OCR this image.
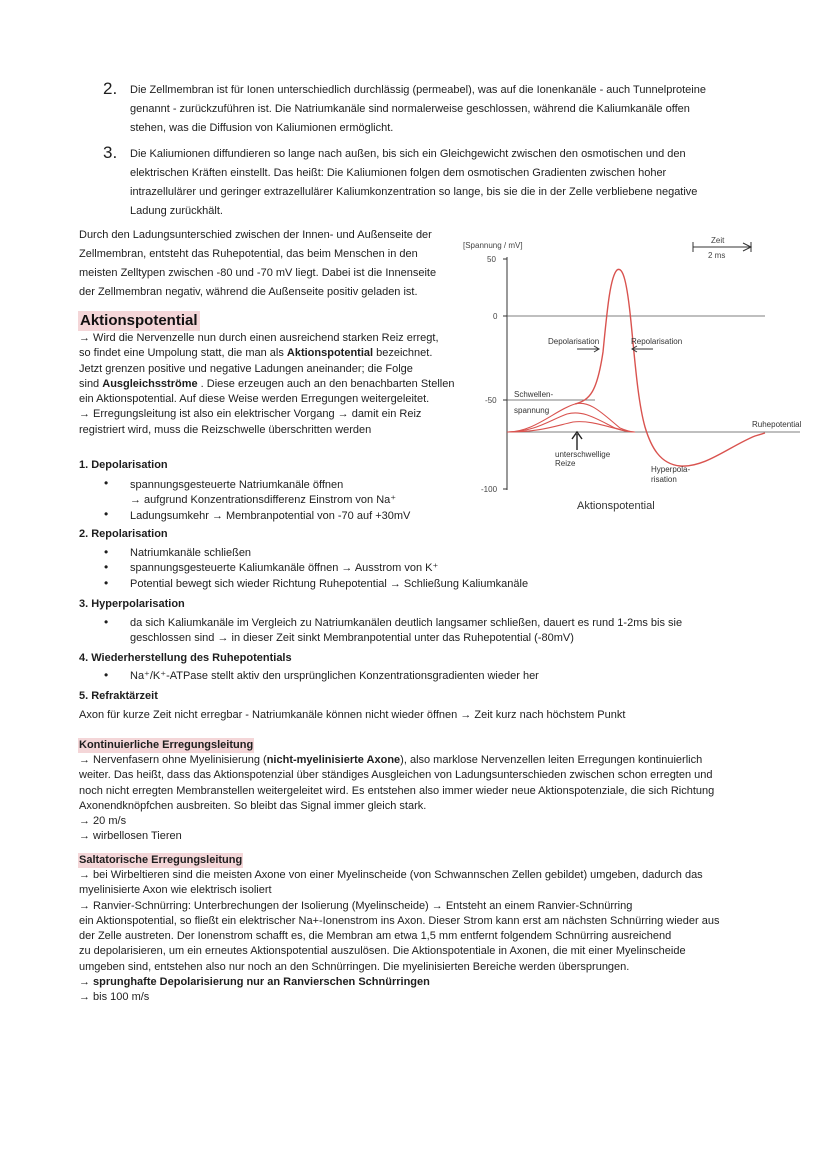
2. Die Zellmembran ist für Ionen unterschiedlich durchlässig (permeabel), was auf die Ionenkanäle - auch Tunnelproteine
genannt - zurückzuführen ist. Die Natriumkanäle sind normalerweise geschlossen, während die Kaliumkanäle offen
stehen, was die Diffusion von Kaliumionen ermöglicht.
3. Die Kaliumionen diffundieren so lange nach außen, bis sich ein Gleichgewicht zwischen den osmotischen und den
elektrischen Kräften einstellt. Das heißt: Die Kaliumionen folgen dem osmotischen Gradienten zwischen hoher
intrazellulärer und geringer extrazellulärer Kaliumkonzentration so lange, bis sie die in der Zelle verbliebene negative
Ladung zurückhält.
Durch den Ladungsunterschied zwischen der Innen- und Außenseite der
Zellmembran, entsteht das Ruhepotential, das beim Menschen in den
meisten Zelltypen zwischen -80 und -70 mV liegt. Dabei ist die Innenseite
der Zellmembran negativ, während die Außenseite positiv geladen ist.
Aktionspotential
→ Wird die Nervenzelle nun durch einen ausreichend starken Reiz erregt,
so findet eine Umpolung statt, die man als Aktionspotential bezeichnet.
Jetzt grenzen positive und negative Ladungen aneinander; die Folge
sind Ausgleichsströme . Diese erzeugen auch an den benachbarten Stellen
ein Aktionspotential. Auf diese Weise werden Erregungen weitergeleitet.
→ Erregungsleitung ist also ein elektrischer Vorgang → damit ein Reiz
registriert wird, muss die Reizschwelle überschritten werden
[Spannung / mV]
50
0
-50
-100
Zeit
2 ms
Depolarisation	Repolarisation
Schwellen-
spannung
Ruhepotential
unterschwellige
Reize
Hyperpola-
risation
Aktionspotential
1. Depolarisation
• spannungsgesteuerte Natriumkanäle öffnen
→ aufgrund Konzentrationsdifferenz Einstrom von Na⁺
• Ladungsumkehr → Membranpotential von -70 auf +30mV
2. Repolarisation
• Natriumkanäle schließen
• spannungsgesteuerte Kaliumkanäle öffnen → Ausstrom von K⁺
• Potential bewegt sich wieder Richtung Ruhepotential → Schließung Kaliumkanäle
3. Hyperpolarisation
• da sich Kaliumkanäle im Vergleich zu Natriumkanälen deutlich langsamer schließen, dauert es rund 1-2ms bis sie
geschlossen sind → in dieser Zeit sinkt Membranpotential unter das Ruhepotential (-80mV)
4. Wiederherstellung des Ruhepotentials
• Na⁺/K⁺-ATPase stellt aktiv den ursprünglichen Konzentrationsgradienten wieder her
5. Refraktärzeit
Axon für kurze Zeit nicht erregbar - Natriumkanäle können nicht wieder öffnen → Zeit kurz nach höchstem Punkt
Kontinuierliche Erregungsleitung
→ Nervenfasern ohne Myelinisierung (nicht-myelinisierte Axone), also marklose Nervenzellen leiten Erregungen kontinuierlich
weiter. Das heißt, dass das Aktionspotenzial über ständiges Ausgleichen von Ladungsunterschieden zwischen schon erregten und
noch nicht erregten Membranstellen weitergeleitet wird. Es entstehen also immer wieder neue Aktionspotenziale, die sich Richtung
Axonendknöpfchen ausbreiten. So bleibt das Signal immer gleich stark.
→ 20 m/s
→ wirbellosen Tieren
Saltatorische Erregungsleitung
→ bei Wirbeltieren sind die meisten Axone von einer Myelinscheide (von Schwannschen Zellen gebildet) umgeben, dadurch das
myelinisierte Axon wie elektrisch isoliert
→ Ranvier-Schnürring: Unterbrechungen der Isolierung (Myelinscheide) → Entsteht an einem Ranvier-Schnürring
ein Aktionspotential, so fließt ein elektrischer Na+-Ionenstrom ins Axon. Dieser Strom kann erst am nächsten Schnürring wieder aus
der Zelle austreten. Der Ionenstrom schafft es, die Membran am etwa 1,5 mm entfernt folgendem Schnürring ausreichend
zu depolarisieren, um ein erneutes Aktionspotential auszulösen. Die Aktionspotentiale in Axonen, die mit einer Myelinscheide
umgeben sind, entstehen also nur noch an den Schnürringen. Die myelinisierten Bereiche werden übersprungen.
→ sprunghafte Depolarisierung nur an Ranvierschen Schnürringen
→ bis 100 m/s
